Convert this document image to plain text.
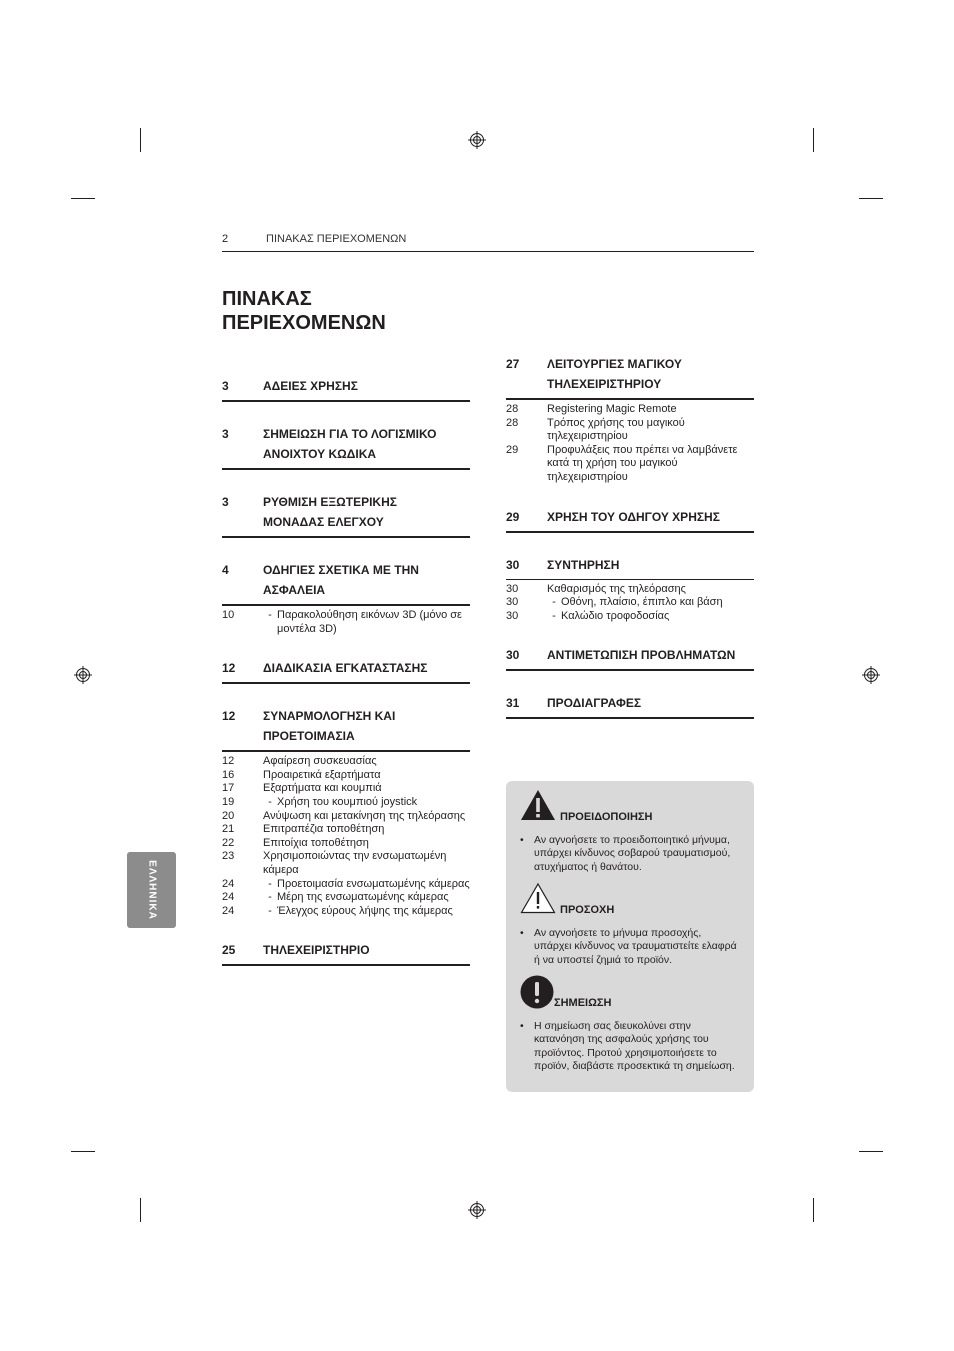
2	ΠΙΝΑΚΑΣ ΠΕΡΙΕΧΟΜΕΝΩΝ
ΠΙΝΑΚΑΣ
ΠΕΡΙΕΧΟΜΕΝΩΝ
3	ΑΔΕΙΕΣ ΧΡΗΣΗΣ
3	ΣΗΜΕΙΩΣΗ ΓΙΑ ΤΟ ΛΟΓΙΣΜΙΚΟ
ΑΝΟΙΧΤΟΥ ΚΩΔΙΚΑ
3	ΡΥΘΜΙΣΗ ΕΞΩΤΕΡΙΚΗΣ
ΜΟΝΑΔΑΣ ΕΛΕΓΧΟΥ
4	ΟΔΗΓΙΕΣ ΣΧΕΤΙΚΑ ΜΕ ΤΗΝ
ΑΣΦΑΛΕΙΑ
10	- Παρακολούθηση εικόνων 3D (μόνο σε μοντέλα 3D)
12	ΔΙΑΔΙΚΑΣΙΑ ΕΓΚΑΤΑΣΤΑΣΗΣ
12	ΣΥΝΑΡΜΟΛΟΓΗΣΗ ΚΑΙ
ΠΡΟΕΤΟΙΜΑΣΙΑ
12	Αφαίρεση συσκευασίας
16	Προαιρετικά εξαρτήματα
17	Εξαρτήματα και κουμπιά
19	- Χρήση του κουμπιού joystick
20	Ανύψωση και μετακίνηση της τηλεόρασης
21	Επιτραπέζια τοποθέτηση
22	Επιτοίχια τοποθέτηση
23	Χρησιμοποιώντας την ενσωματωμένη κάμερα
24	- Προετοιμασία ενσωματωμένης κάμερας
24	- Μέρη της ενσωματωμένης κάμερας
24	- Έλεγχος εύρους λήψης της κάμερας
25	ΤΗΛΕΧΕΙΡΙΣΤΗΡΙΟ
27	ΛΕΙΤΟΥΡΓΙΕΣ ΜΑΓΙΚΟΥ
ΤΗΛΕΧΕΙΡΙΣΤΗΡΙΟΥ
28	Registering Magic Remote
28	Τρόπος χρήσης του μαγικού τηλεχειριστηρίου
29	Προφυλάξεις που πρέπει να λαμβάνετε κατά τη χρήση του μαγικού τηλεχειριστηρίου
29	ΧΡΗΣΗ ΤΟΥ ΟΔΗΓΟΥ ΧΡΗΣΗΣ
30	ΣΥΝΤΗΡΗΣΗ
30	Καθαρισμός της τηλεόρασης
30	- Οθόνη, πλαίσιο, έπιπλο και βάση
30	- Καλώδιο τροφοδοσίας
30	ΑΝΤΙΜΕΤΩΠΙΣΗ ΠΡΟΒΛΗΜΑΤΩΝ
31	ΠΡΟΔΙΑΓΡΑΦΕΣ
ΕΛΛΗΝΙΚΑ
ΠΡΟΕΙΔΟΠΟΙΗΣΗ
• Αν αγνοήσετε το προειδοποιητικό μήνυμα, υπάρχει κίνδυνος σοβαρού τραυματισμού, ατυχήματος ή θανάτου.
ΠΡΟΣΟΧΗ
• Αν αγνοήσετε το μήνυμα προσοχής, υπάρχει κίνδυνος να τραυματιστείτε ελαφρά ή να υποστεί ζημιά το προϊόν.
ΣΗΜΕΙΩΣΗ
• Η σημείωση σας διευκολύνει στην κατανόηση της ασφαλούς χρήσης του προϊόντος. Προτού χρησιμοποιήσετε το προϊόν, διαβάστε προσεκτικά τη σημείωση.
